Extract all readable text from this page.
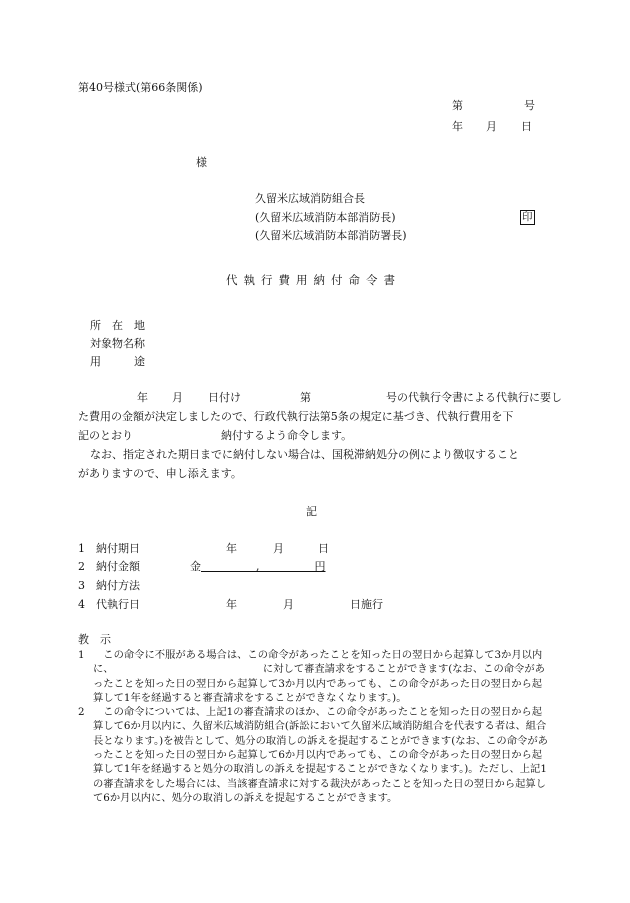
第40号様式(第66条関係)
第	号
年 月 日
様
久留米広域消防組合長
(久留米広域消防本部消防長)	印
(久留米広域消防本部消防署長)
代執行費用納付命令書
所　在　地
対象物名称
用　　　途
年 月 日付け	第	号の代執行令書による代執行に要し
た費用の金額が決定しましたので、行政代執行法第5条の規定に基づき、代執行費用を下
記のとおり	納付するよう命令します。
なお、指定された期日までに納付しない場合は、国税滞納処分の例により徴収すること
がありますので、申し添えます。
記
1 納付期日	年	月	日
2 納付金額	金　　　　　	,　　　　　	円
3 納付方法
4 代執行日	年	月	日施行
教　示
1	この命令に不服がある場合は、この命令があったことを知った日の翌日から起算して3か月以内に、　　　　　　　　　　　　　　　に対して審査請求をすることができます(なお、この命令があったことを知った日の翌日から起算して3か月以内であっても、この命令があった日の翌日から起算して1年を経過すると審査請求をすることができなくなります。)。
2	この命令については、上記1の審査請求のほか、この命令があったことを知った日の翌日から起算して6か月以内に、久留米広域消防組合(訴訟において久留米広域消防組合を代表する者は、組合長となります。)を被告として、処分の取消しの訴えを提起することができます(なお、この命令があったことを知った日の翌日から起算して6か月以内であっても、この命令があった日の翌日から起算して1年を経過すると処分の取消しの訴えを提起することができなくなります。)。ただし、上記1の審査請求をした場合には、当該審査請求に対する裁決があったことを知った日の翌日から起算して6か月以内に、処分の取消しの訴えを提起することができます。
